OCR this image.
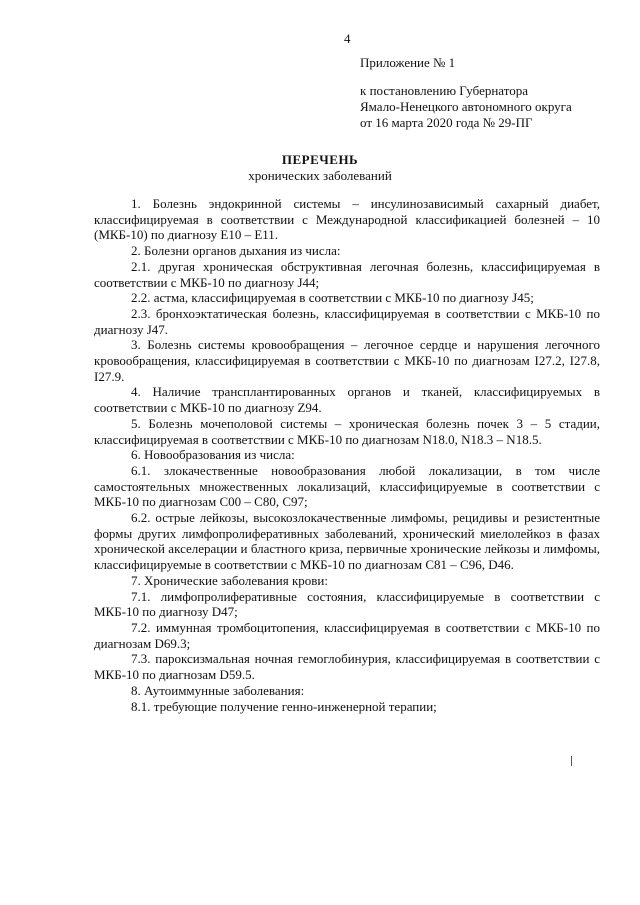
4
Приложение № 1
к постановлению Губернатора
Ямало-Ненецкого автономного округа
от 16 марта 2020 года № 29-ПГ
ПЕРЕЧЕНЬ
хронических заболеваний

1. Болезнь эндокринной системы – инсулинозависимый сахарный диабет, классифицируемая в соответствии с Международной классификацией болезней – 10 (МКБ-10) по диагнозу E10 – E11.

2. Болезни органов дыхания из числа:

2.1. другая хроническая обструктивная легочная болезнь, классифицируемая в соответствии с МКБ-10 по диагнозу J44;

2.2. астма, классифицируемая в соответствии с МКБ-10 по диагнозу J45;

2.3. бронхоэктатическая болезнь, классифицируемая в соответствии с МКБ-10 по диагнозу J47.

3. Болезнь системы кровообращения – легочное сердце и нарушения легочного кровообращения, классифицируемая в соответствии с МКБ-10 по диагнозам I27.2, I27.8, I27.9.

4. Наличие трансплантированных органов и тканей, классифицируемых в соответствии с МКБ-10 по диагнозу Z94.

5. Болезнь мочеполовой системы – хроническая болезнь почек 3 – 5 стадии, классифицируемая в соответствии с МКБ-10 по диагнозам N18.0, N18.3 – N18.5.

6. Новообразования из числа:

6.1. злокачественные новообразования любой локализации, в том числе самостоятельных множественных локализаций, классифицируемые в соответствии с МКБ-10 по диагнозам C00 – C80, C97;

6.2. острые лейкозы, высокозлокачественные лимфомы, рецидивы и резистентные формы других лимфопролиферативных заболеваний, хронический миелолейкоз в фазах хронической акселерации и бластного криза, первичные хронические лейкозы и лимфомы, классифицируемые в соответствии с МКБ-10 по диагнозам C81 – C96, D46.

7. Хронические заболевания крови:

7.1. лимфопролиферативные состояния, классифицируемые в соответствии с МКБ-10 по диагнозу D47;

7.2. иммунная тромбоцитопения, классифицируемая в соответствии с МКБ-10 по диагнозам D69.3;

7.3. пароксизмальная ночная гемоглобинурия, классифицируемая в соответствии с МКБ-10 по диагнозам D59.5.

8. Аутоиммунные заболевания:

8.1. требующие получение генно-инженерной терапии;
